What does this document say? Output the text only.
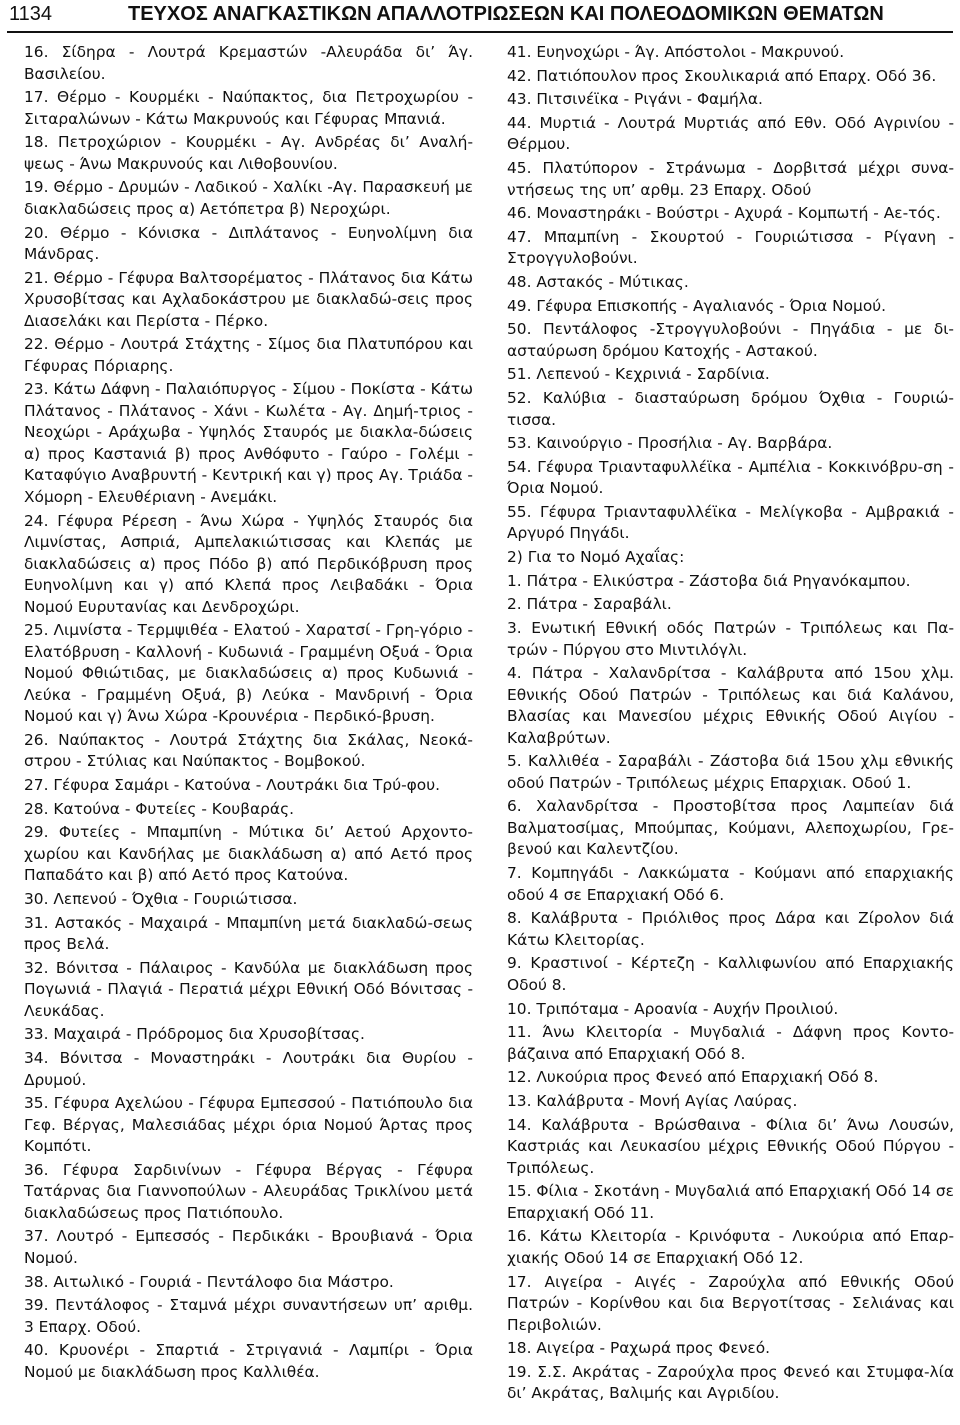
1134	ΤΕΥΧΟΣ ΑΝΑΓΚΑΣΤΙΚΩΝ ΑΠΑΛΛΟΤΡΙΩΣΕΩΝ ΚΑΙ ΠΟΛΕΟΔΟΜΙΚΩΝ ΘΕΜΑΤΩΝ

16. Σίδηρα - Λουτρά Κρεμαστών -Αλευράδα δι’ Άγ. Βασιλείου.

17. Θέρμο - Κουρμέκι - Ναύπακτος, δια Πετροχωρίου - Σιταραλώνων - Κάτω Μακρυνούς και Γέφυρας Μπανιά.

18. Πετροχώριον - Κουρμέκι - Αγ. Ανδρέας δι’ Αναλή-ψεως - Άνω Μακρυνούς και Λιθοβουνίου.

19. Θέρμο - Δρυμών - Λαδικού - Χαλίκι -Αγ. Παρασκευή με διακλαδώσεις προς α) Αετόπετρα β) Νεροχώρι.

20. Θέρμο - Κόνισκα - Διπλάτανος - Ευηνολίμνη δια Μάνδρας.

21. Θέρμο - Γέφυρα Βαλτσορέματος - Πλάτανος δια Κάτω Χρυσοβίτσας και Αχλαδοκάστρου με διακλαδώ-σεις προς Διασελάκι και Περίστα - Πέρκο.

22. Θέρμο - Λουτρά Στάχτης - Σίμος δια Πλατυπόρου και Γέφυρας Πόριαρης.

23. Κάτω Δάφνη - Παλαιόπυργος - Σίμου - Ποκίστα - Κάτω Πλάτανος - Πλάτανος - Χάνι - Κωλέτα - Αγ. Δημή-τριος - Νεοχώρι - Αράχωβα - Υψηλός Σταυρός με διακλα-δώσεις α) προς Καστανιά β) προς Ανθόφυτο - Γαύρο - Γολέμι - Καταφύγιο Αναβρυντή - Κεντρική και γ) προς Αγ. Τριάδα - Χόμορη - Ελευθέριανη - Ανεμάκι.

24. Γέφυρα Ρέρεση - Άνω Χώρα - Υψηλός Σταυρός δια Λιμνίστας, Ασπριά, Αμπελακιώτισσας και Κλεπάς με διακλαδώσεις α) προς Πόδο β) από Περδικόβρυση προς Ευηνολίμνη και γ) από Κλεπά προς Λειβαδάκι - Όρια Νομού Ευρυτανίας και Δενδροχώρι.

25. Λιμνίστα - Τερμψιθέα - Ελατού - Χαρατσί - Γρη-γόριο - Ελατόβρυση - Καλλονή - Κυδωνιά - Γραμμένη Οξυά - Όρια Νομού Φθιώτιδας, με διακλαδώσεις α) προς Κυδωνιά - Λεύκα - Γραμμένη Οξυά, β) Λεύκα - Μανδρινή - Όρια Νομού και γ) Άνω Χώρα -Κρουνέρια - Περδικό-βρυση.

26. Ναύπακτος - Λουτρά Στάχτης δια Σκάλας, Νεοκά-στρου - Στύλιας και Ναύπακτος - Βομβοκού.

27. Γέφυρα Σαμάρι - Κατούνα - Λουτράκι δια Τρύ-φου.

28. Κατούνα - Φυτείες - Κουβαράς.

29. Φυτείες - Μπαμπίνη - Μύτικα δι’ Αετού Αρχοντο-χωρίου και Κανδήλας με διακλάδωση α) από Αετό προς Παπαδάτο και β) από Αετό προς Κατούνα.

30. Λεπενού - Όχθια - Γουριώτισσα.

31. Αστακός - Μαχαιρά - Μπαμπίνη μετά διακλαδώ-σεως προς Βελά.

32. Βόνιτσα - Πάλαιρος - Κανδύλα με διακλάδωση προς Πογωνιά - Πλαγιά - Περατιά μέχρι Εθνική Οδό Βόνιτσας - Λευκάδας.

33. Μαχαιρά - Πρόδρομος δια Χρυσοβίτσας.

34. Βόνιτσα - Μοναστηράκι - Λουτράκι δια Θυρίου - Δρυμού.

35. Γέφυρα Αχελώου - Γέφυρα Εμπεσσού - Πατιόπουλο δια Γεφ. Βέργας, Μαλεσιάδας μέχρι όρια Νομού Άρτας προς Κομπότι.

36. Γέφυρα Σαρδινίνων - Γέφυρα Βέργας - Γέφυρα Τατάρνας δια Γιαννοπούλων - Αλευράδας Τρικλίνου μετά διακλαδώσεως προς Πατιόπουλο.

37. Λουτρό - Εμπεσσός - Περδικάκι - Βρουβιανά - Όρια Νομού.

38. Αιτωλικό - Γουριά - Πεντάλοφο δια Μάστρο.

39. Πεντάλοφος - Σταμνά μέχρι συναντήσεων υπ’ αριθμ. 3 Επαρχ. Οδού.

40. Κρυονέρι - Σπαρτιά - Στριγανιά - Λαμπίρι - Όρια Νομού με διακλάδωση προς Καλλιθέα.

41. Ευηνοχώρι - Άγ. Απόστολοι - Μακρυνού.

42. Πατιόπουλον προς Σκουλικαριά από Επαρχ. Οδό 36.

43. Πιτσινέϊκα - Ριγάνι - Φαμήλα.

44. Μυρτιά - Λουτρά Μυρτιάς από Εθν. Οδό Αγρινίου - Θέρμου.

45. Πλατύπορον - Στράνωμα - Δορβιτσά μέχρι συνα-ντήσεως της υπ’ αρθμ. 23 Επαρχ. Οδού

46. Μοναστηράκι - Βούστρι - Αχυρά - Κομπωτή - Αε-τός.

47. Μπαμπίνη - Σκουρτού - Γουριώτισσα - Ρίγανη - Στρογγυλοβούνι.

48. Αστακός - Μύτικας.

49. Γέφυρα Επισκοπής - Αγαλιανός - Όρια Νομού.

50. Πεντάλοφος -Στρογγυλοβούνι - Πηγάδια - με δι-ασταύρωση δρόμου Κατοχής - Αστακού.

51. Λεπενού - Κεχρινιά - Σαρδίνια.

52. Καλύβια - διασταύρωση δρόμου Όχθια - Γουριώ-τισσα.

53. Καινούργιο - Προσήλια - Αγ. Βαρβάρα.

54. Γέφυρα Τριανταφυλλέϊκα - Αμπέλια - Κοκκινόβρυ-ση - Όρια Νομού.

55. Γέφυρα Τριανταφυλλέϊκα - Μελίγκοβα - Αμβρακιά - Αργυρό Πηγάδι.

2) Για το Νομό Αχαΐας:

1. Πάτρα - Ελικύστρα - Ζάστοβα διά Ρηγανόκαμπου.

2. Πάτρα - Σαραβάλι.

3. Ενωτική Εθνική οδός Πατρών - Τριπόλεως και Πα-τρών - Πύργου στο Μιντιλόγλι.

4. Πάτρα - Χαλανδρίτσα - Καλάβρυτα από 15ου χλμ. Εθνικής Οδού Πατρών - Τριπόλεως και διά Καλάνου, Βλασίας και Μανεσίου μέχρις Εθνικής Οδού Αιγίου - Καλαβρύτων.

5. Καλλιθέα - Σαραβάλι - Ζάστοβα διά 15ου χλμ εθνικής οδού Πατρών - Τριπόλεως μέχρις Επαρχιακ. Οδού 1.

6. Χαλανδρίτσα - Προστοβίτσα προς Λαμπείαν διά Βαλματοσίμας, Μπούμπας, Κούμανι, Αλεποχωρίου, Γρε-βενού και Καλεντζίου.

7. Κομπηγάδι - Λακκώματα - Κούμανι από επαρχιακής οδού 4 σε Επαρχιακή Οδό 6.

8. Καλάβρυτα - Πριόλιθος προς Δάρα και Ζίρολον διά Κάτω Κλειτορίας.

9. Κραστινοί - Κέρτεζη - Καλλιφωνίου από Επαρχιακής Οδού 8.

10. Τριπόταμα - Αροανία - Αυχήν Προιλιού.

11. Άνω Κλειτορία - Μυγδαλιά - Δάφνη προς Κοντο-βάζαινα από Επαρχιακή Οδό 8.

12. Λυκούρια προς Φενεό από Επαρχιακή Οδό 8.

13. Καλάβρυτα - Μονή Αγίας Λαύρας.

14. Καλάβρυτα - Βρώσθαινα - Φίλια δι’ Άνω Λουσών, Καστριάς και Λευκασίου μέχρις Εθνικής Οδού Πύργου - Τριπόλεως.

15. Φίλια - Σκοτάνη - Μυγδαλιά από Επαρχιακή Οδό 14 σε Επαρχιακή Οδό 11.

16. Κάτω Κλειτορία - Κρινόφυτα - Λυκούρια από Επαρ-χιακής Οδού 14 σε Επαρχιακή Οδό 12.

17. Αιγείρα - Αιγές - Ζαρούχλα από Εθνικής Οδού Πατρών - Κορίνθου και δια Βεργοτίτσας - Σελιάνας και Περιβολιών.

18. Αιγείρα - Ραχωρά προς Φενεό.

19. Σ.Σ. Ακράτας - Ζαρούχλα προς Φενεό και Στυμφα-λία δι’ Ακράτας, Βαλιμής και Αγριδίου.
